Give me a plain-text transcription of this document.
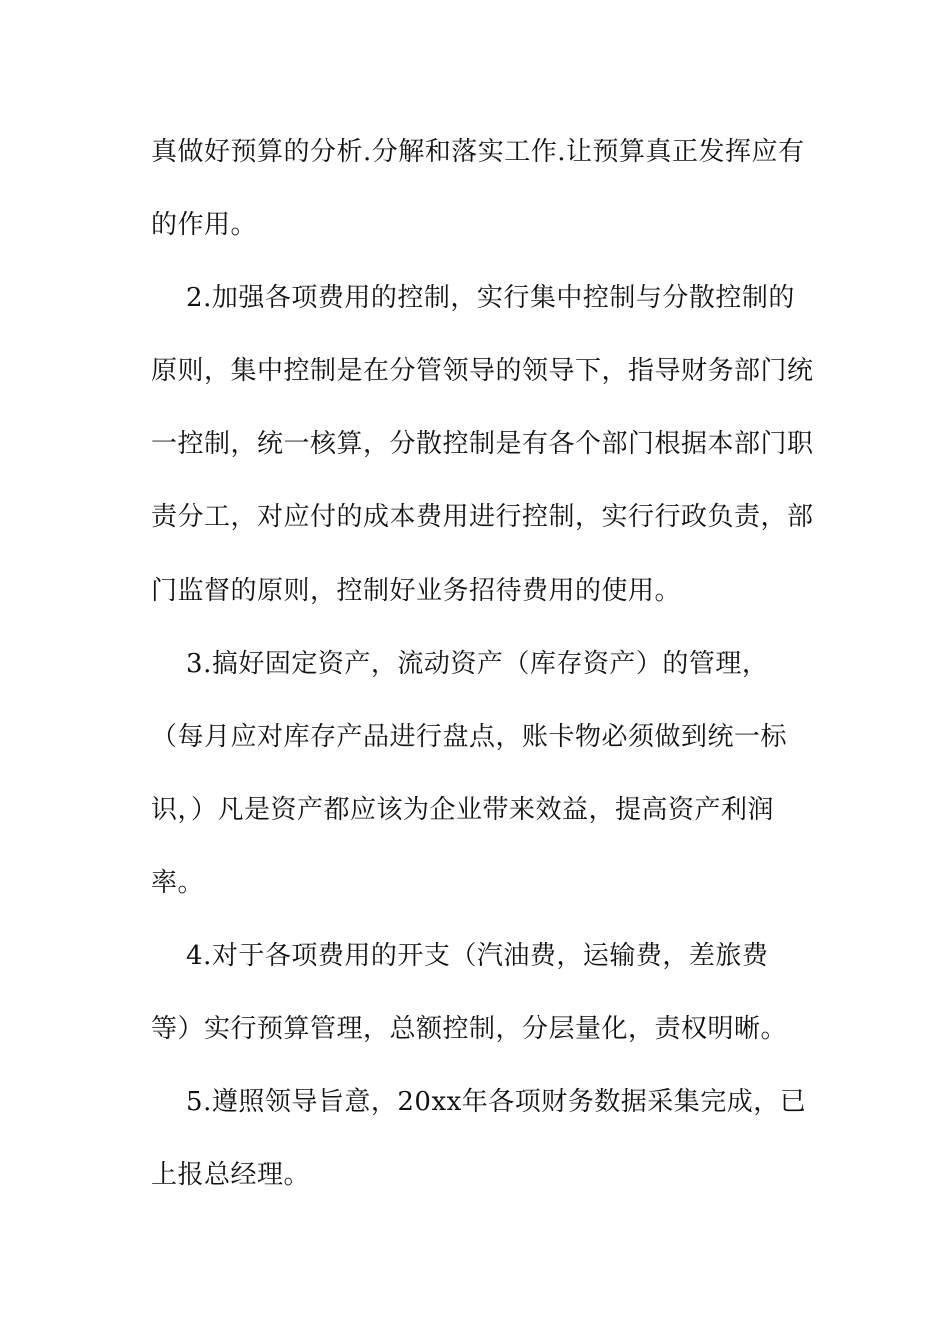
真做好预算的分析.分解和落实工作.让预算真正发挥应有
的作用。
2.加强各项费用的控制，实行集中控制与分散控制的
原则，集中控制是在分管领导的领导下，指导财务部门统
一控制，统一核算，分散控制是有各个部门根据本部门职
责分工，对应付的成本费用进行控制，实行行政负责，部
门监督的原则，控制好业务招待费用的使用。
3.搞好固定资产，流动资产（库存资产）的管理，
（每月应对库存产品进行盘点，账卡物必须做到统一标
识，）凡是资产都应该为企业带来效益，提高资产利润
率。
4.对于各项费用的开支（汽油费，运输费，差旅费
等）实行预算管理，总额控制，分层量化，责权明晰。
5.遵照领导旨意，20xx年各项财务数据采集完成，已
上报总经理。
